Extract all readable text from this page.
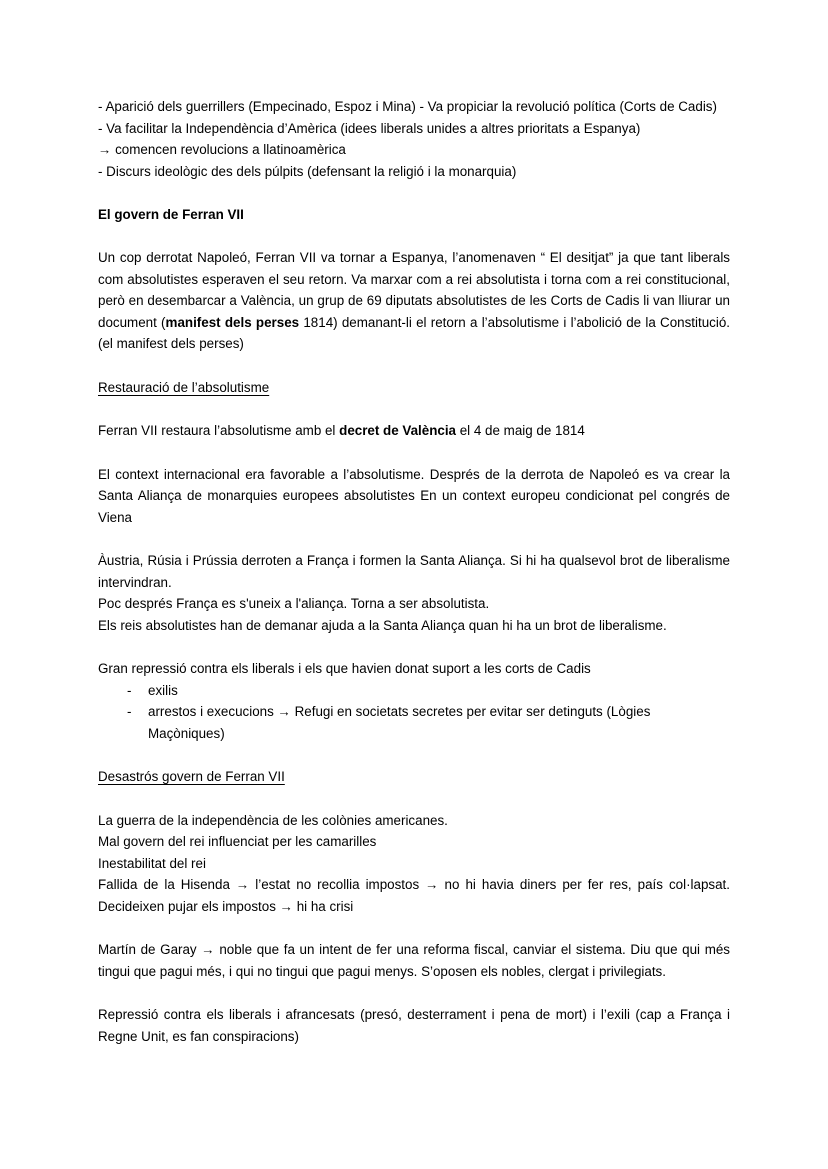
- Aparició dels guerrillers (Empecinado, Espoz i Mina) - Va propiciar la revolució política (Corts de Cadis)

- Va facilitar la Independència d’Amèrica (idees liberals unides a altres prioritats a Espanya)

→ comencen revolucions a llatinoamèrica

- Discurs ideològic des dels púlpits (defensant la religió i la monarquia)

El govern de Ferran VII

Un cop derrotat Napoleó, Ferran VII va tornar a Espanya, l’anomenaven “ El desitjat” ja que tant liberals com absolutistes esperaven el seu retorn. Va marxar com a rei absolutista i torna com a rei constitucional, però en desembarcar a València, un grup de 69 diputats absolutistes de les Corts de Cadis li van lliurar un document (manifest dels perses 1814) demanant-li el retorn a l’absolutisme i l’abolició de la Constitució. (el manifest dels perses)

Restauració de l’absolutisme

Ferran VII restaura l’absolutisme amb el decret de València el 4 de maig de 1814

El context internacional era favorable a l’absolutisme. Després de la derrota de Napoleó es va crear la Santa Aliança de monarquies europees absolutistes En un context europeu condicionat pel congrés de Viena

Àustria, Rúsia i Prússia derroten a França i formen la Santa Aliança. Si hi ha qualsevol brot de liberalisme intervindran.

Poc després França es s'uneix a l'aliança. Torna a ser absolutista.

Els reis absolutistes han de demanar ajuda a la Santa Aliança quan hi ha un brot de liberalisme.

Gran repressió contra els liberals i els que havien donat suport a les corts de Cadis

- exilis
- arrestos i execucions → Refugi en societats secretes per evitar ser detinguts (Lògies Maçòniques)

Desastrós govern de Ferran VII

La guerra de la independència de les colònies americanes.

Mal govern del rei influenciat per les camarilles

Inestabilitat del rei

Fallida de la Hisenda → l’estat no recollia impostos → no hi havia diners per fer res, país col·lapsat. Decideixen pujar els impostos → hi ha crisi

Martín de Garay → noble que fa un intent de fer una reforma fiscal, canviar el sistema. Diu que qui més tingui que pagui més, i qui no tingui que pagui menys. S’oposen els nobles, clergat i privilegiats.

Repressió contra els liberals i afrancesats (presó, desterrament i pena de mort) i l’exili (cap a França i Regne Unit, es fan conspiracions)
